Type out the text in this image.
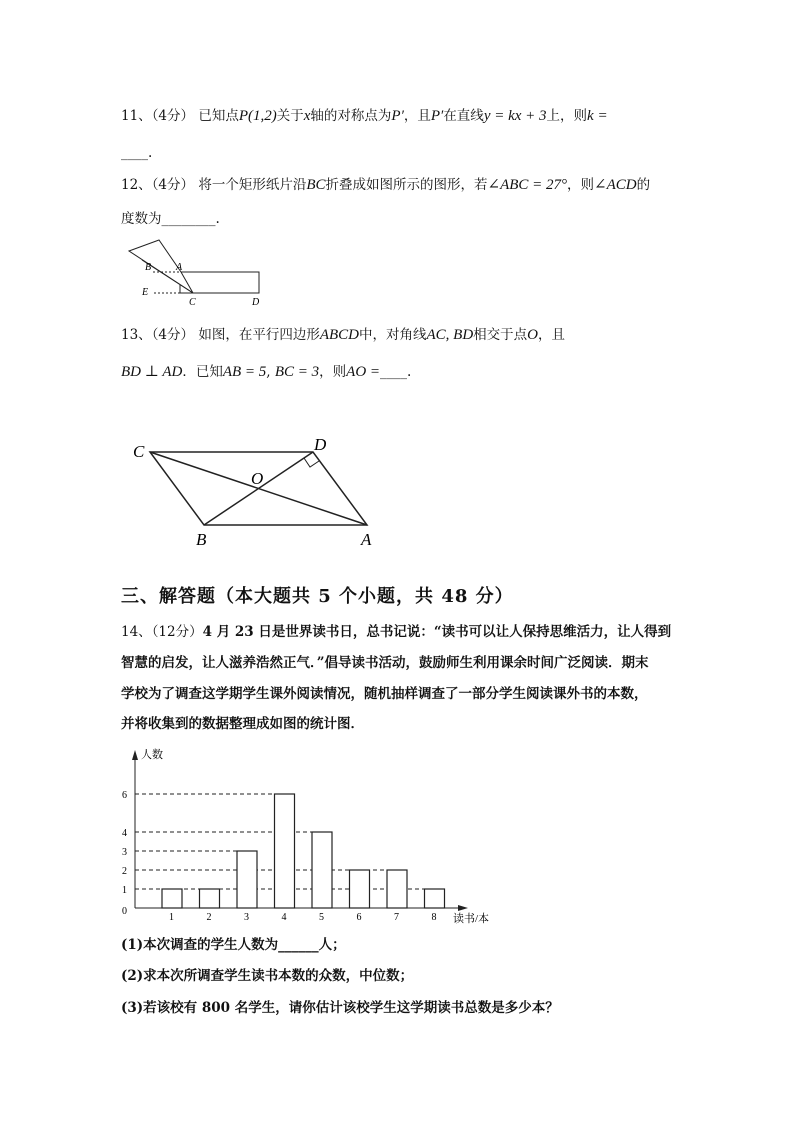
11、（4分） 已知点P(1,2)关于x轴的对称点为P′，且P′在直线y = kx + 3上，则k =
____.
12、（4分） 将一个矩形纸片沿BC折叠成如图所示的图形，若∠ABC = 27°，则∠ACD的
度数为________.
B A
E
C	D
13、（4分） 如图，在平行四边形ABCD中，对角线AC, BD相交于点O，且
BD ⊥ AD．已知AB = 5, BC = 3，则AO =____.
C	D
O
B	A
三、解答题（本大题共 5 个小题，共 48 分）
14、（12分）4 月 23 日是世界读书日，总书记说：“读书可以让人保持思维活力，让人得到
智慧的启发，让人滋养浩然正气．”倡导读书活动，鼓励师生利用课余时间广泛阅读．期末
学校为了调查这学期学生课外阅读情况，随机抽样调查了一部分学生阅读课外书的本数，
并将收集到的数据整理成如图的统计图．
人数
读书/本
0
1
2
3
4
6
1	2	3	4	5	6	7	8
(1)本次调查的学生人数为______人；
(2)求本次所调查学生读书本数的众数，中位数；
(3)若该校有 800 名学生，请你估计该校学生这学期读书总数是多少本？
